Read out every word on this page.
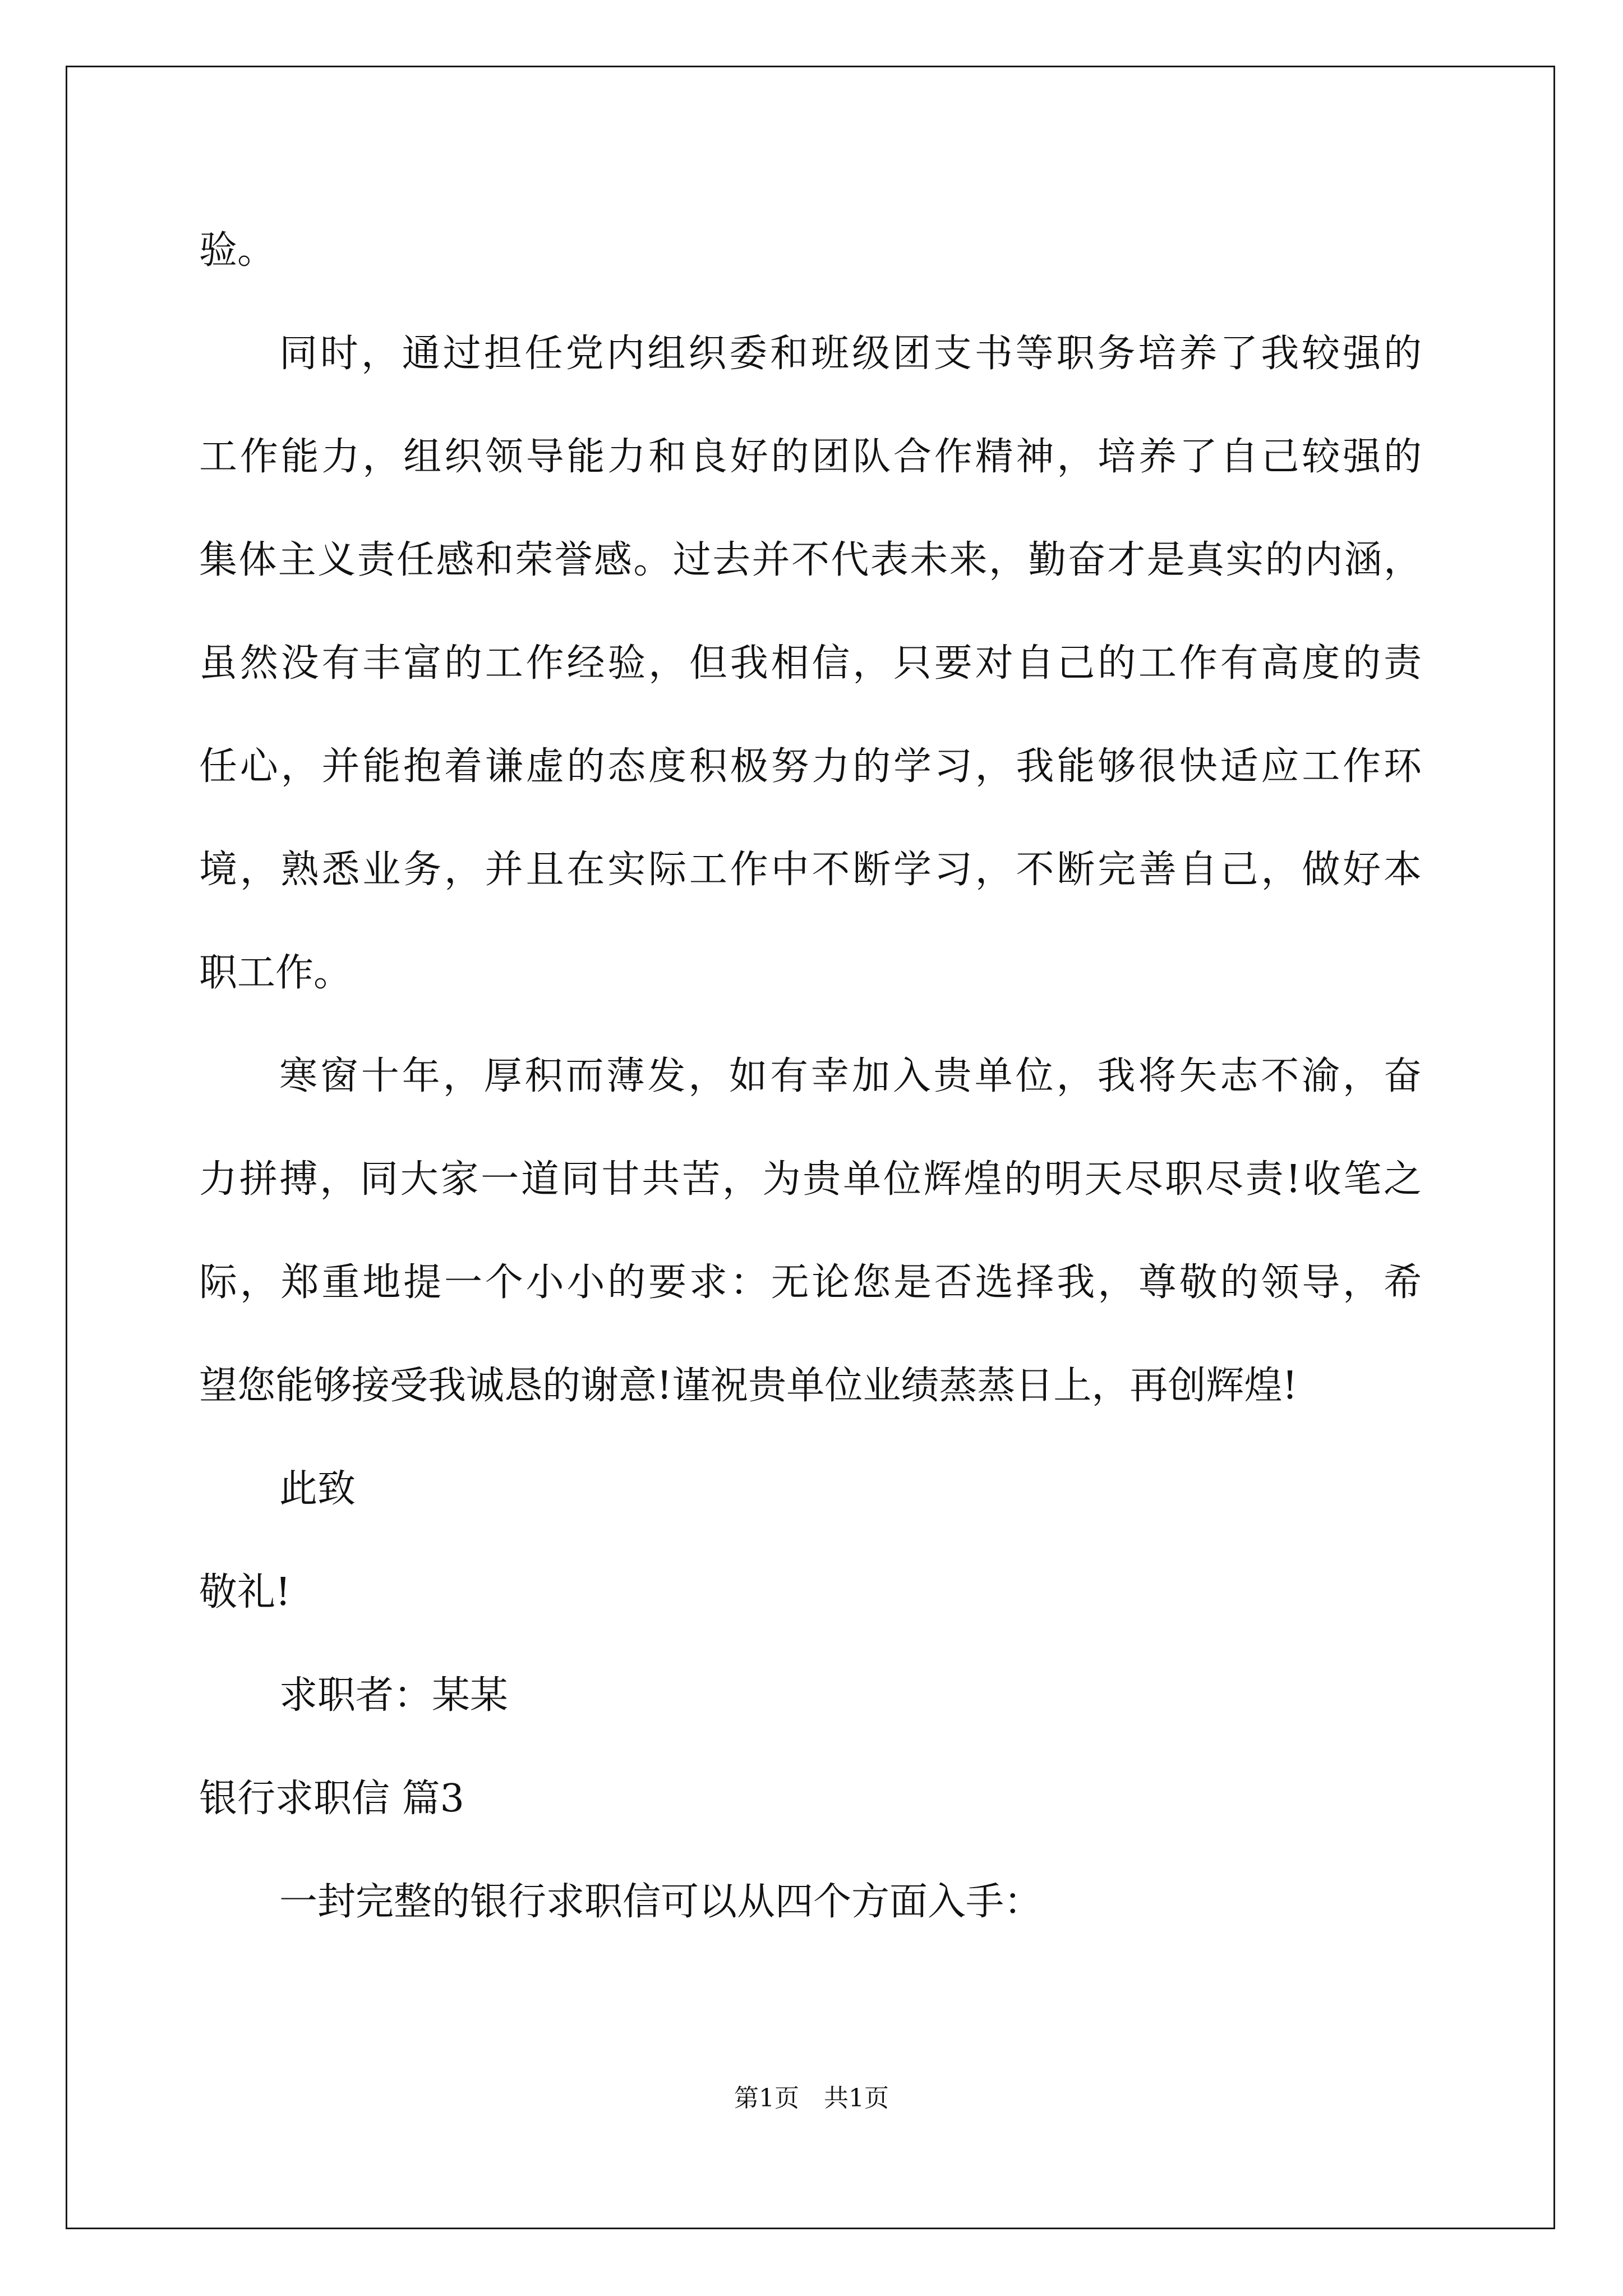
验。
同时，通过担任党内组织委和班级团支书等职务培养了我较强的
工作能力，组织领导能力和良好的团队合作精神，培养了自己较强的
集体主义责任感和荣誉感。过去并不代表未来，勤奋才是真实的内涵，
虽然没有丰富的工作经验，但我相信，只要对自己的工作有高度的责
任心，并能抱着谦虚的态度积极努力的学习，我能够很快适应工作环
境，熟悉业务，并且在实际工作中不断学习，不断完善自己，做好本
职工作。
寒窗十年，厚积而薄发，如有幸加入贵单位，我将矢志不渝，奋
力拼搏，同大家一道同甘共苦，为贵单位辉煌的明天尽职尽责!收笔之
际，郑重地提一个小小的要求：无论您是否选择我，尊敬的领导，希
望您能够接受我诚恳的谢意!谨祝贵单位业绩蒸蒸日上，再创辉煌!
此致
敬礼!
求职者：某某
银行求职信 篇3
一封完整的银行求职信可以从四个方面入手：
第1页　共1页
